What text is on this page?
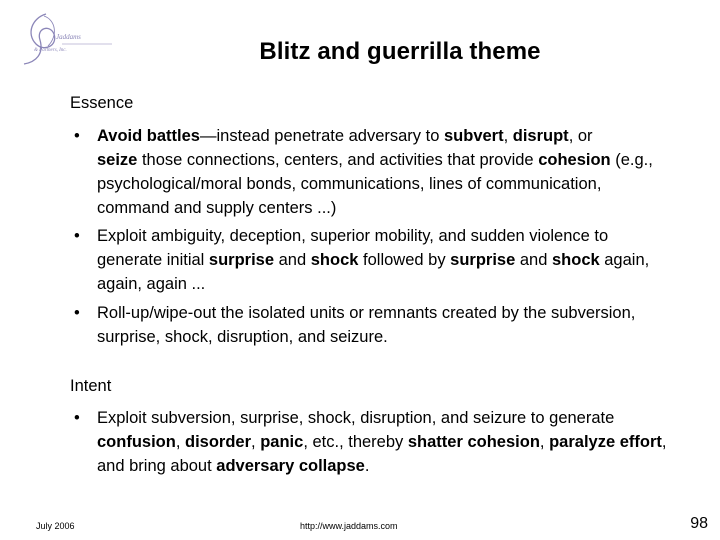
Jaddams
& Partners, Inc.	Blitz and guerrilla theme
Essence
• Avoid battles—instead penetrate adversary to subvert, disrupt, or
seize those connections, centers, and activities that provide cohesion (e.g., psychological/moral bonds, communications, lines of communication, command and supply centers ...)
• Exploit ambiguity, deception, superior mobility, and sudden violence to generate initial surprise and shock followed by surprise and shock again, again, again ...
• Roll-up/wipe-out the isolated units or remnants created by the subversion, surprise, shock, disruption, and seizure.
Intent
• Exploit subversion, surprise, shock, disruption, and seizure to generate confusion, disorder, panic, etc., thereby shatter cohesion, paralyze effort, and bring about adversary collapse.
July 2006	http://www.jaddams.com	98
